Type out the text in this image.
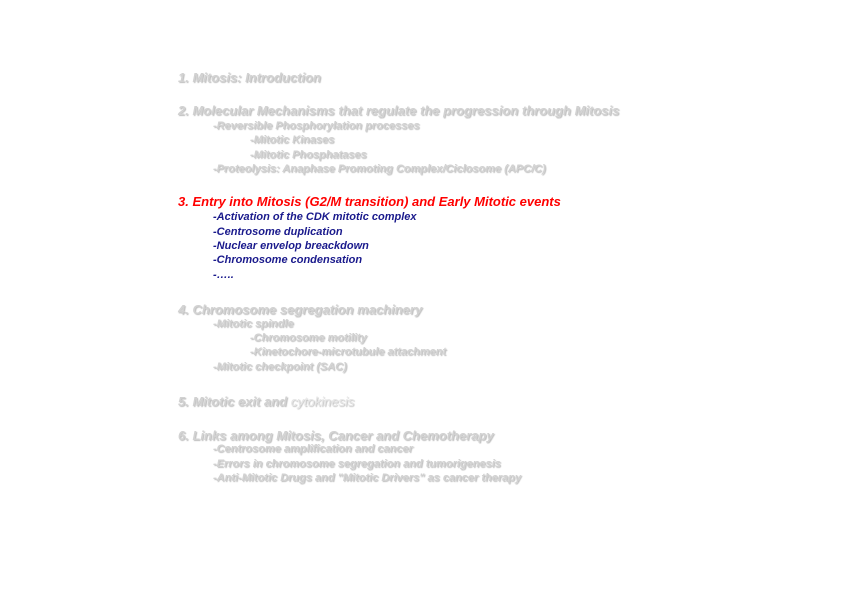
1. Mitosis: Introduction
2. Molecular Mechanisms that regulate the progression through Mitosis
-Reversible Phosphorylation processes
-Mitotic Kinases
-Mitotic Phosphatases
-Proteolysis: Anaphase Promoting Complex/Ciclosome (APC/C)
3. Entry into Mitosis (G2/M transition) and Early Mitotic events
-Activation of the CDK mitotic complex
-Centrosome duplication
-Nuclear envelop breackdown
-Chromosome condensation
-…..
4. Chromosome segregation machinery
-Mitotic spindle
-Chromosome motility
-Kinetochore-microtubule attachment
-Mitotic checkpoint (SAC)
5. Mitotic exit and cytokinesis
6. Links among Mitosis, Cancer and Chemotherapy
-Centrosome amplification and cancer
-Errors in chromosome segregation and tumorigenesis
-Anti-Mitotic Drugs and "Mitotic Drivers" as cancer therapy
